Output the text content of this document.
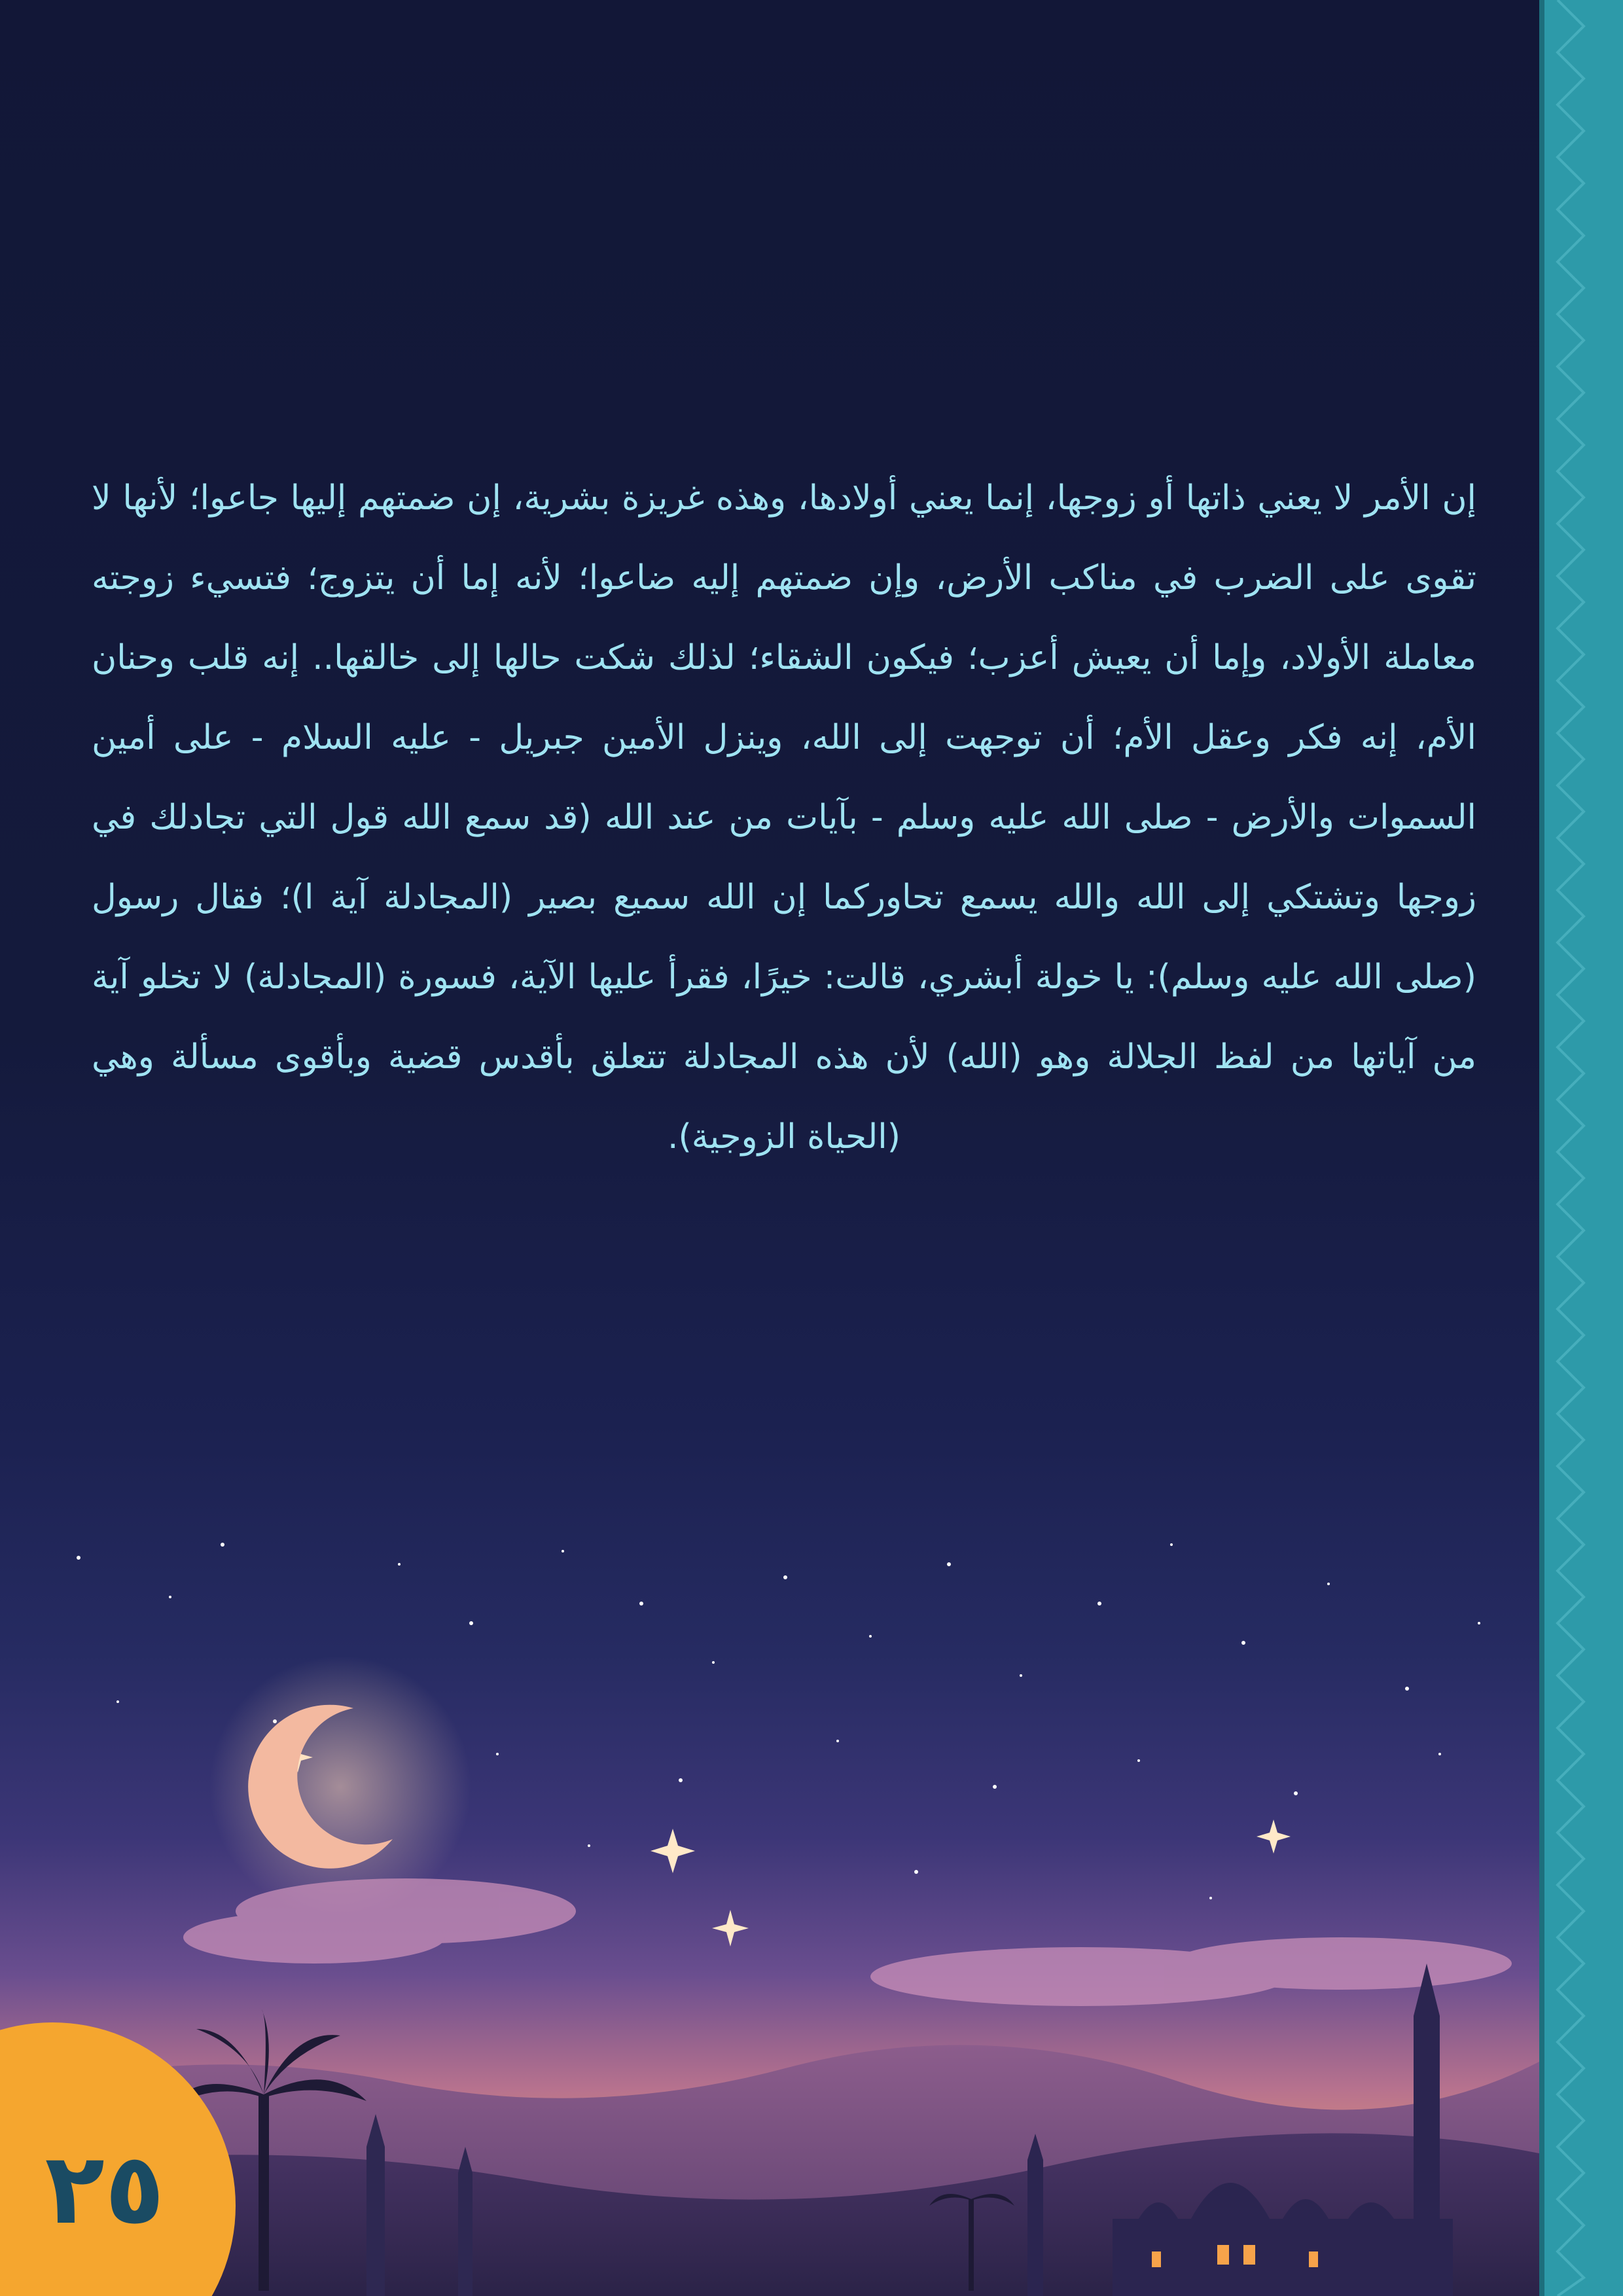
إن الأمر لا يعني ذاتها أو زوجها، إنما يعني أولادها، وهذه غريزة بشرية، إن ضمتهم إليها جاعوا؛ لأنها لا تقوى على الضرب في مناكب الأرض، وإن ضمتهم إليه ضاعوا؛ لأنه إما أن يتزوج؛ فتسيء زوجته معاملة الأولاد، وإما أن يعيش أعزب؛ فيكون الشقاء؛ لذلك شكت حالها إلى خالقها.. إنه قلب وحنان الأم، إنه فكر وعقل الأم؛ أن توجهت إلى الله، وينزل الأمين جبريل - عليه السلام - على أمين السموات والأرض - صلى الله عليه وسلم - بآيات من عند الله (قد سمع الله قول التي تجادلك في زوجها وتشتكي إلى الله والله يسمع تحاوركما إن الله سميع بصير (المجادلة آية ا)؛ فقال رسول (صلى الله عليه وسلم): يا خولة أبشري، قالت: خيرًا، فقرأ عليها الآية، فسورة (المجادلة) لا تخلو آية من آياتها من لفظ الجلالة وهو (الله) لأن هذه المجادلة تتعلق بأقدس قضية وبأقوى مسألة وهي (الحياة الزوجية).

٢٥
